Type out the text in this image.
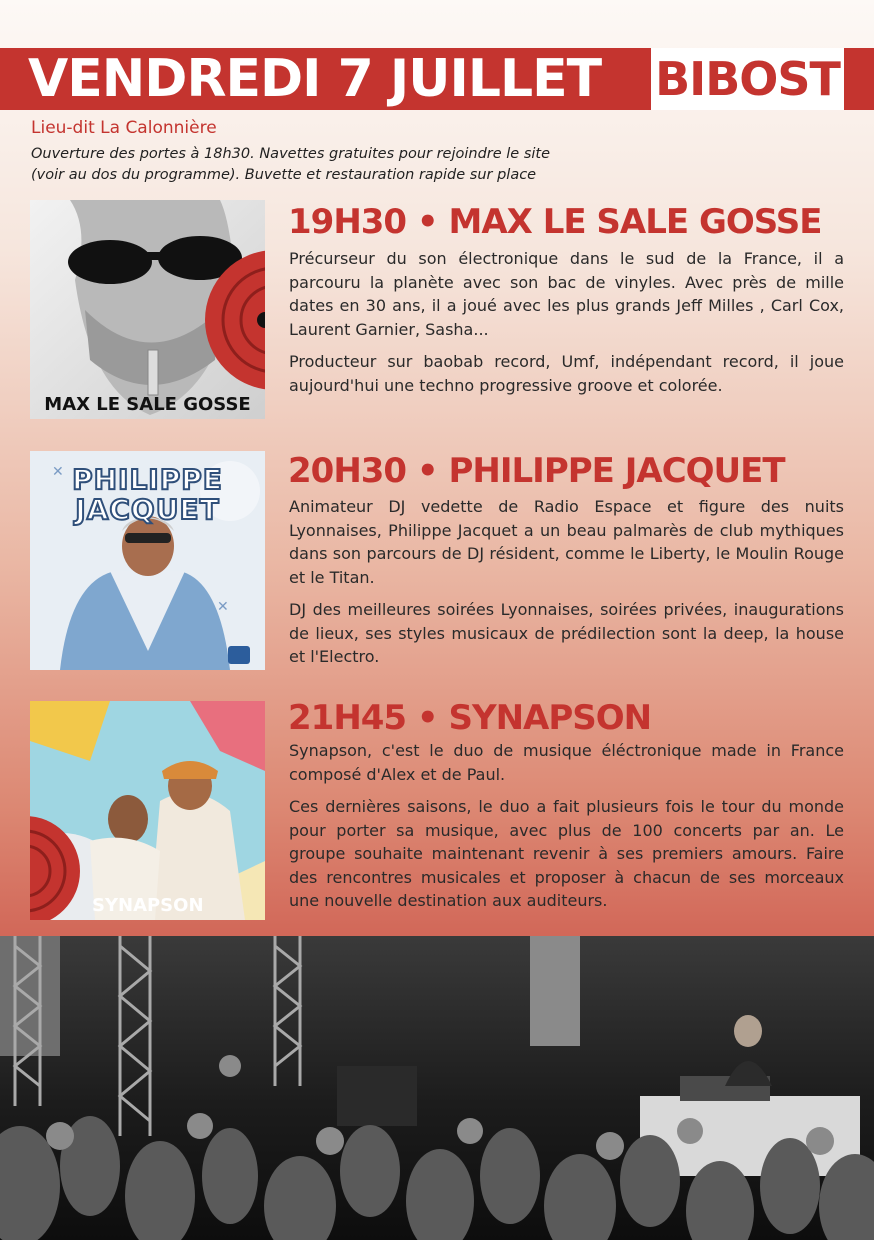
VENDREDI 7 JUILLET BIBOST
Lieu-dit La Calonnière
Ouverture des portes à 18h30. Navettes gratuites pour rejoindre le site
(voir au dos du programme). Buvette et restauration rapide sur place
MAX LE SALE GOSSE
19H30 • MAX LE SALE GOSSE

Précurseur du son électronique dans le sud de la France, il a parcouru la planète avec son bac de vinyles. Avec près de mille dates en 30 ans, il a joué avec les plus grands Jeff Milles , Carl Cox, Laurent Garnier, Sasha...

Producteur sur baobab record, Umf, indépendant record, il joue aujourd'hui une techno progressive groove et colorée.

✕
✕
PHILIPPE
JACQUET
20H30 • PHILIPPE JACQUET

Animateur DJ vedette de Radio Espace et figure des nuits Lyonnaises, Philippe Jacquet a un beau palmarès de club mythiques dans son parcours de DJ résident, comme le Liberty, le Moulin Rouge et le Titan.

DJ des meilleures soirées Lyonnaises, soirées privées, inaugurations de lieux, ses styles musicaux de prédilection sont la deep, la house et l'Electro.

SYNAPSON
21H45 • SYNAPSON

Synapson, c'est le duo de musique éléctronique made in France composé d'Alex et de Paul.

Ces dernières saisons, le duo a fait plusieurs fois le tour du monde pour porter sa musique, avec plus de 100 concerts par an. Le groupe souhaite maintenant revenir à ses premiers amours. Faire des rencontres musicales et proposer à chacun de ses morceaux une nouvelle destination aux auditeurs.
